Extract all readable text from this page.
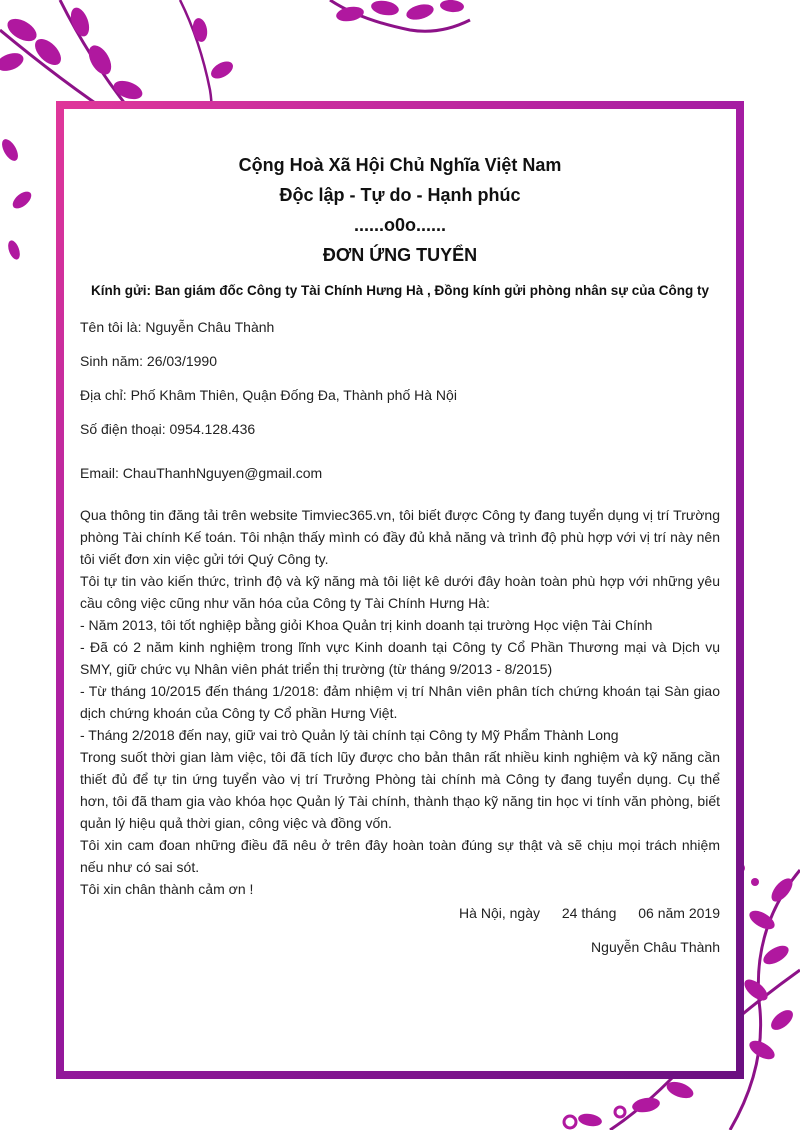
Cộng Hoà Xã Hội Chủ Nghĩa Việt Nam

Độc lập - Tự do - Hạnh phúc

......o0o......

ĐƠN ỨNG TUYỂN

Kính gửi: Ban giám đốc Công ty Tài Chính Hưng Hà , Đồng kính gửi phòng nhân sự của Công ty

Tên tôi là: Nguyễn Châu Thành

Sinh năm: 26/03/1990

Địa chỉ: Phố Khâm Thiên, Quận Đống Đa, Thành phố Hà Nội

Số điện thoại: 0954.128.436

Email: ChauThanhNguyen@gmail.com

Qua thông tin đăng tải trên website Timviec365.vn, tôi biết được Công ty đang tuyển dụng vị trí Trường phòng Tài chính Kế toán. Tôi nhận thấy mình có đầy đủ khả năng và trình độ phù hợp với vị trí này nên tôi viết đơn xin việc gửi tới Quý Công ty.

Tôi tự tin vào kiến thức, trình độ và kỹ năng mà tôi liệt kê dưới đây hoàn toàn phù hợp với những yêu cầu công việc cũng như văn hóa của Công ty Tài Chính Hưng Hà:

- Năm 2013, tôi tốt nghiệp bằng giỏi Khoa Quản trị kinh doanh tại trường Học viện Tài Chính

- Đã có 2 năm kinh nghiệm trong lĩnh vực Kinh doanh tại Công ty Cổ Phần Thương mại và Dịch vụ SMY, giữ chức vụ Nhân viên phát triển thị trường (từ tháng 9/2013 - 8/2015)

- Từ tháng 10/2015 đến tháng 1/2018: đảm nhiệm vị trí Nhân viên phân tích chứng khoán tại Sàn giao dịch chứng khoán của Công ty Cổ phần Hưng Việt.

- Tháng 2/2018 đến nay, giữ vai trò Quản lý tài chính tại Công ty Mỹ Phẩm Thành Long

Trong suốt thời gian làm việc, tôi đã tích lũy được cho bản thân rất nhiều kinh nghiệm và kỹ năng cần thiết đủ để tự tin ứng tuyển vào vị trí Trưởng Phòng tài chính mà Công ty đang tuyển dụng. Cụ thể hơn, tôi đã tham gia vào khóa học Quản lý Tài chính, thành thạo kỹ năng tin học vi tính văn phòng, biết quản lý hiệu quả thời gian, công việc và đồng vốn.

Tôi xin cam đoan những điều đã nêu ở trên đây hoàn toàn đúng sự thật và sẽ chịu mọi trách nhiệm nếu như có sai sót.

Tôi xin chân thành cảm ơn !

Hà Nội, ngày 24 tháng 06 năm 2019

Nguyễn Châu Thành
